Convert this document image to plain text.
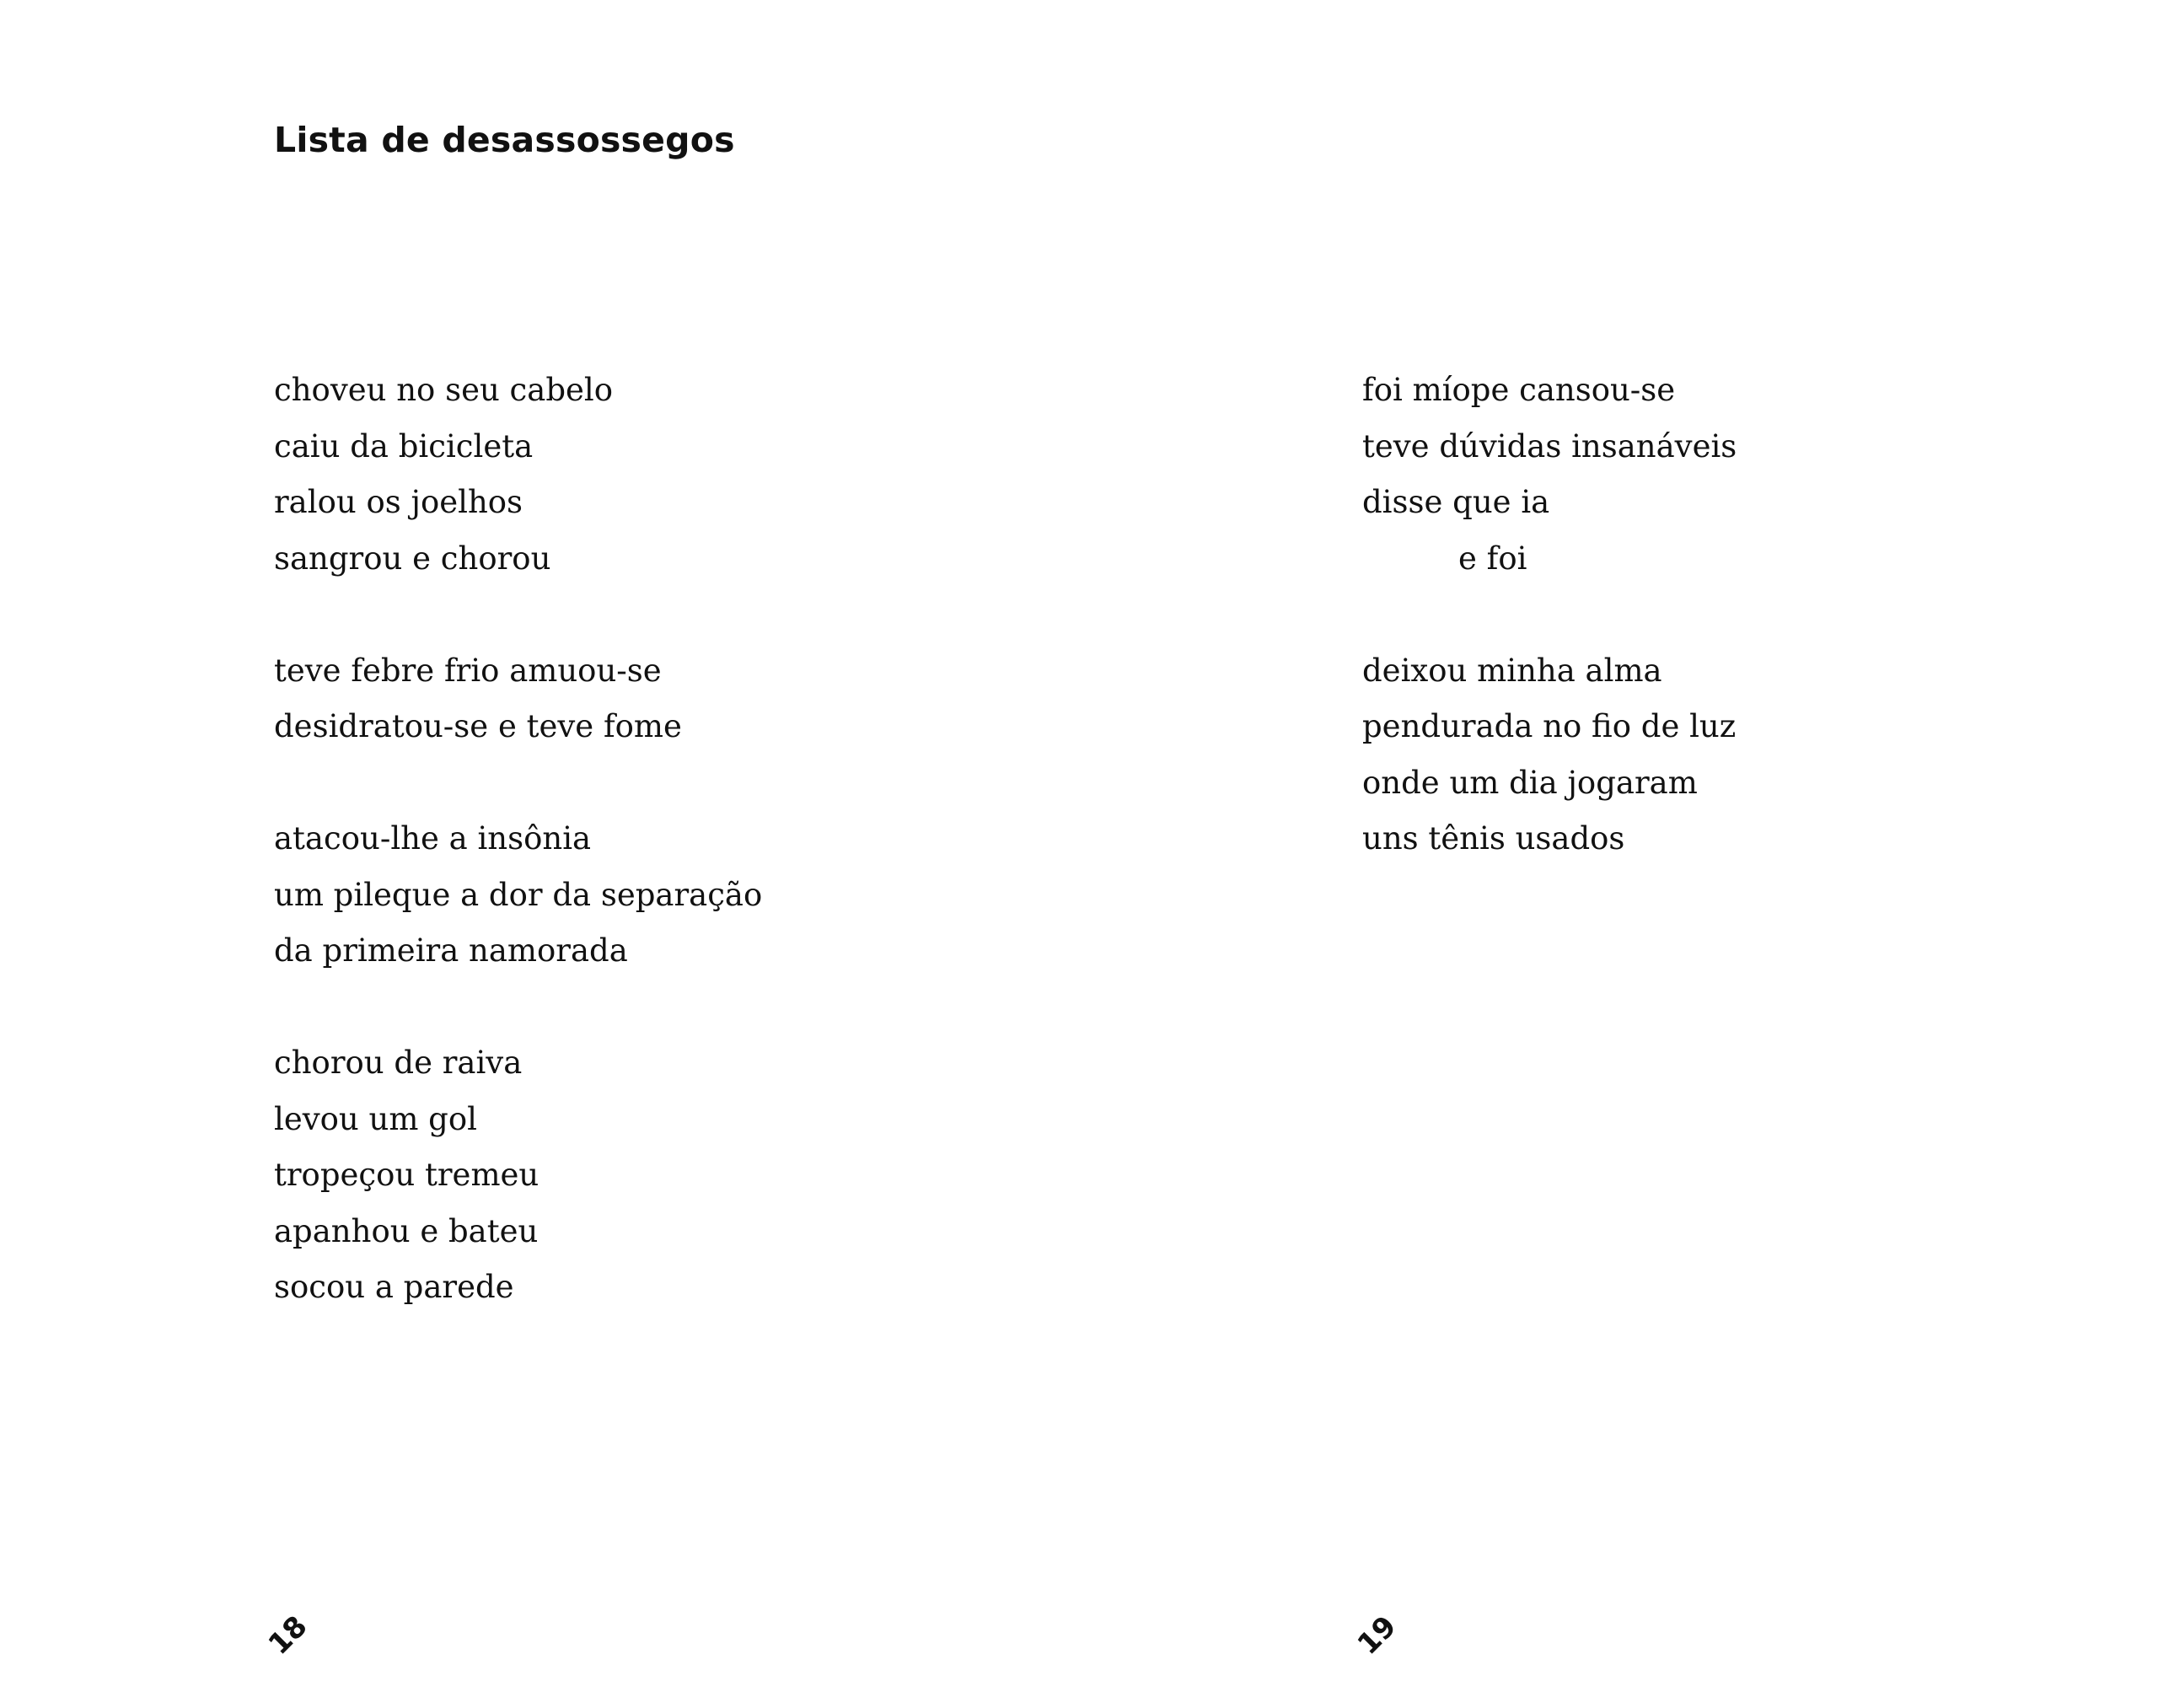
Lista de desassossegos
choveu no seu cabelo
caiu da bicicleta
ralou os joelhos
sangrou e chorou
teve febre frio amuou-se
desidratou-se e teve fome
atacou-lhe a insônia
um pileque a dor da separação
da primeira namorada
chorou de raiva
levou um gol
tropeçou tremeu
apanhou e bateu
socou a parede
18
foi míope cansou-se
teve dúvidas insanáveis
disse que ia
e foi
deixou minha alma
pendurada no fio de luz
onde um dia jogaram
uns tênis usados
19
